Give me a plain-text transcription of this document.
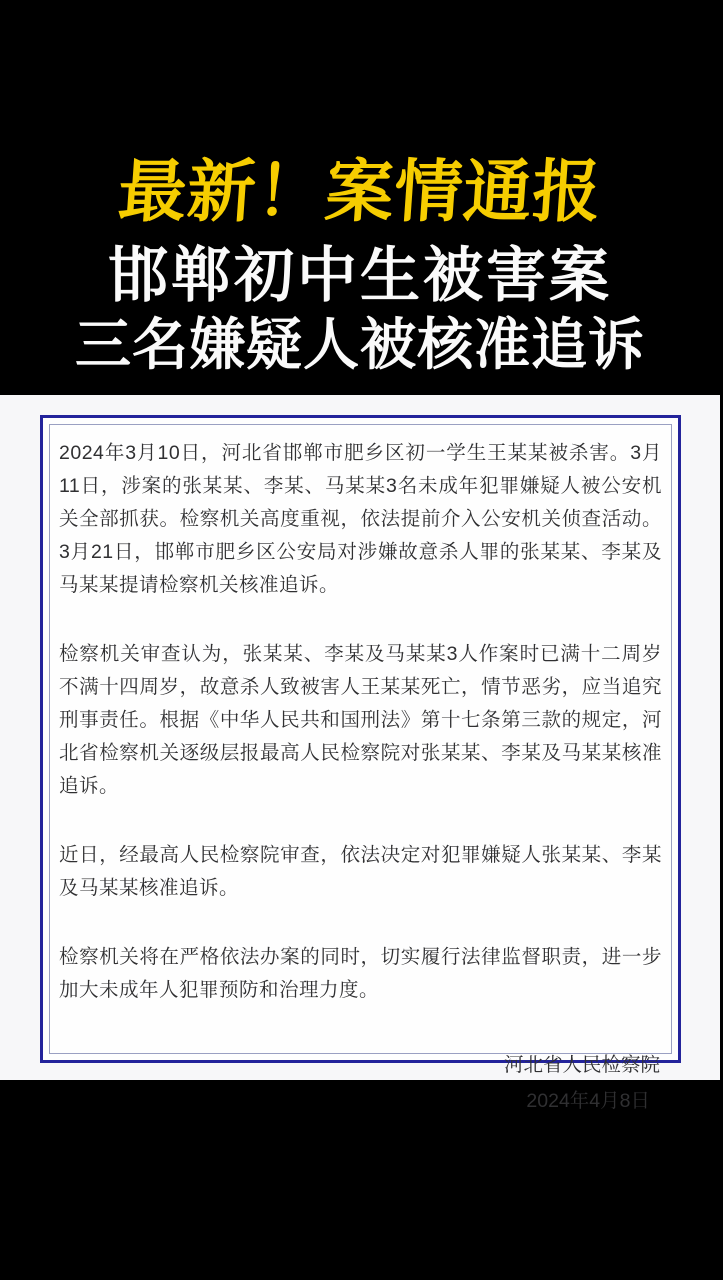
最新！案情通报
邯郸初中生被害案
三名嫌疑人被核准追诉

2024年3月10日，河北省邯郸市肥乡区初一学生王某某被杀害。3月11日，涉案的张某某、李某、马某某3名未成年犯罪嫌疑人被公安机关全部抓获。检察机关高度重视，依法提前介入公安机关侦查活动。3月21日，邯郸市肥乡区公安局对涉嫌故意杀人罪的张某某、李某及马某某提请检察机关核准追诉。

检察机关审查认为，张某某、李某及马某某3人作案时已满十二周岁不满十四周岁，故意杀人致被害人王某某死亡，情节恶劣，应当追究刑事责任。根据《中华人民共和国刑法》第十七条第三款的规定，河北省检察机关逐级层报最高人民检察院对张某某、李某及马某某核准追诉。

近日，经最高人民检察院审查，依法决定对犯罪嫌疑人张某某、李某及马某某核准追诉。

检察机关将在严格依法办案的同时，切实履行法律监督职责，进一步加大未成年人犯罪预防和治理力度。

河北省人民检察院
2024年4月8日
